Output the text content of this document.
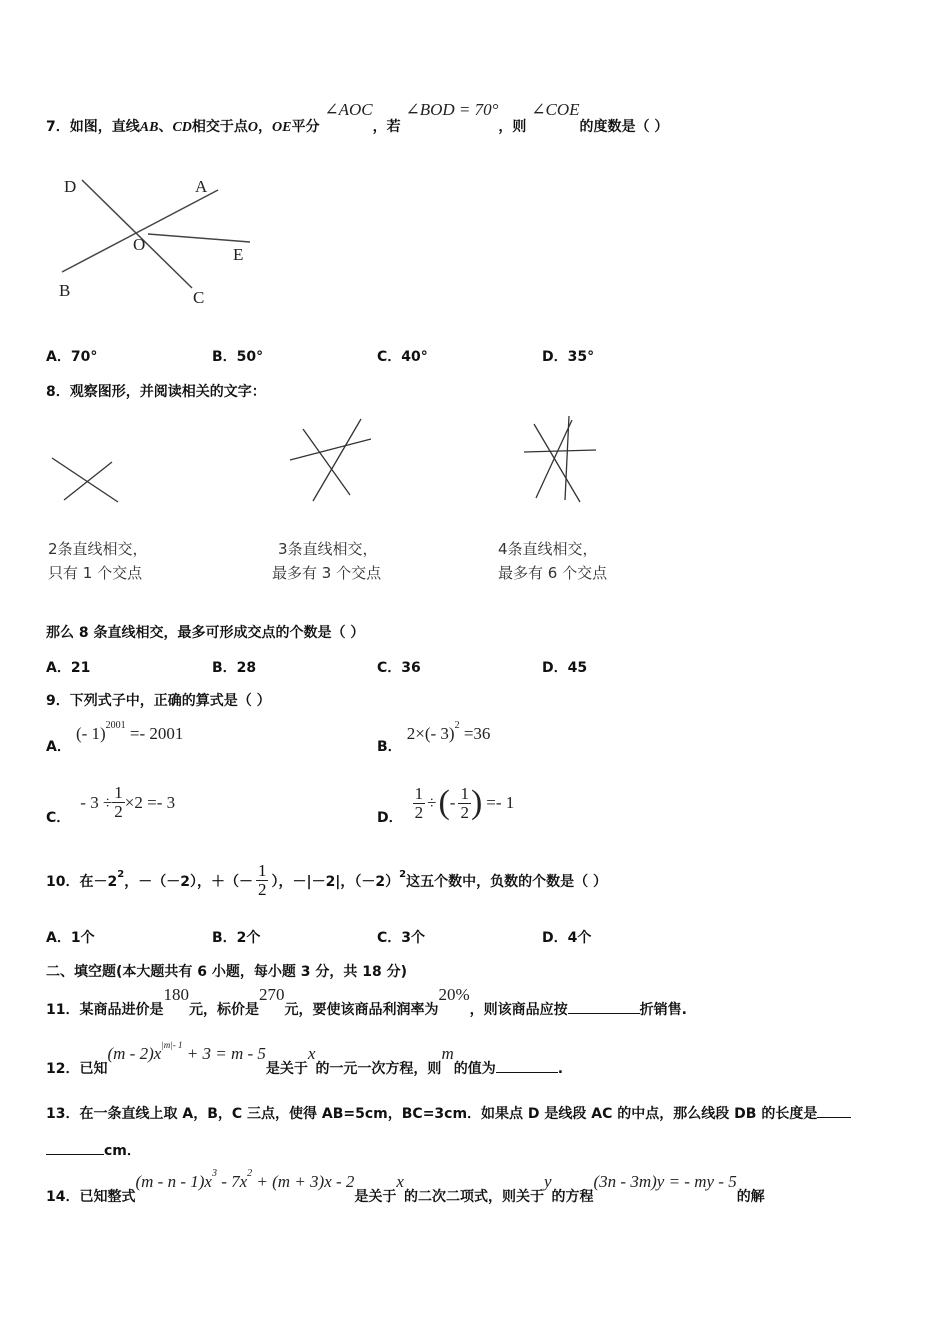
7．如图，直线AB、CD相交于点O，OE平分 ∠AOC，若 ∠BOD = 70°，则 ∠COE的度数是（ ）
D	A
O
E
B	C
A．70°	B．50°	C．40°	D．35°
8．观察图形，并阅读相关的文字：
2条直线相交，
只有 1 个交点
3条直线相交，
最多有 3 个交点
4条直线相交，
最多有 6 个交点
那么 8 条直线相交，最多可形成交点的个数是（ ）
A．21	B．28	C．36	D．45
9．下列式子中，正确的算式是（ ）
A． (- 1)$^{2001}$ =- 2001
B． 2×(- 3)$^2$ =36
C．
- $3 \div \frac{1}{2} \times 2 =- 3$
D． $\frac{1}{2}$ ÷ ( - $\frac{1}{2}$ ) =- 1
10．在$-2^2$ ，－（－2），＋（－ $\frac{1}{2}$ ），－|－2|，$(-2)^2$ 这五个数中，负数的个数是（ ）
A．1个	B．2个	C．3个	D．4个
二、填空题(本大题共有 6 小题，每小题 3 分，共 18 分)
11．某商品进价是180元，标价是270元，要使该商品利润率为20%，则该商品应按	折销售.
12．已知$(m - 2)x^{|m|- 1} + 3 = m - 5$是关于x的一元一次方程，则m的值为	.
13．在一条直线上取 A，B，C 三点，使得 AB=5cm，BC=3cm．如果点 D 是线段 AC 的中点，那么线段 DB 的长度是
cm．
14．已知整式$(m - n - 1)x^3 - 7x^2 + (m + 3)x - 2$是关于x的二次二项式，则关于y的方程(3n - 3m)y = - my - 5的解
